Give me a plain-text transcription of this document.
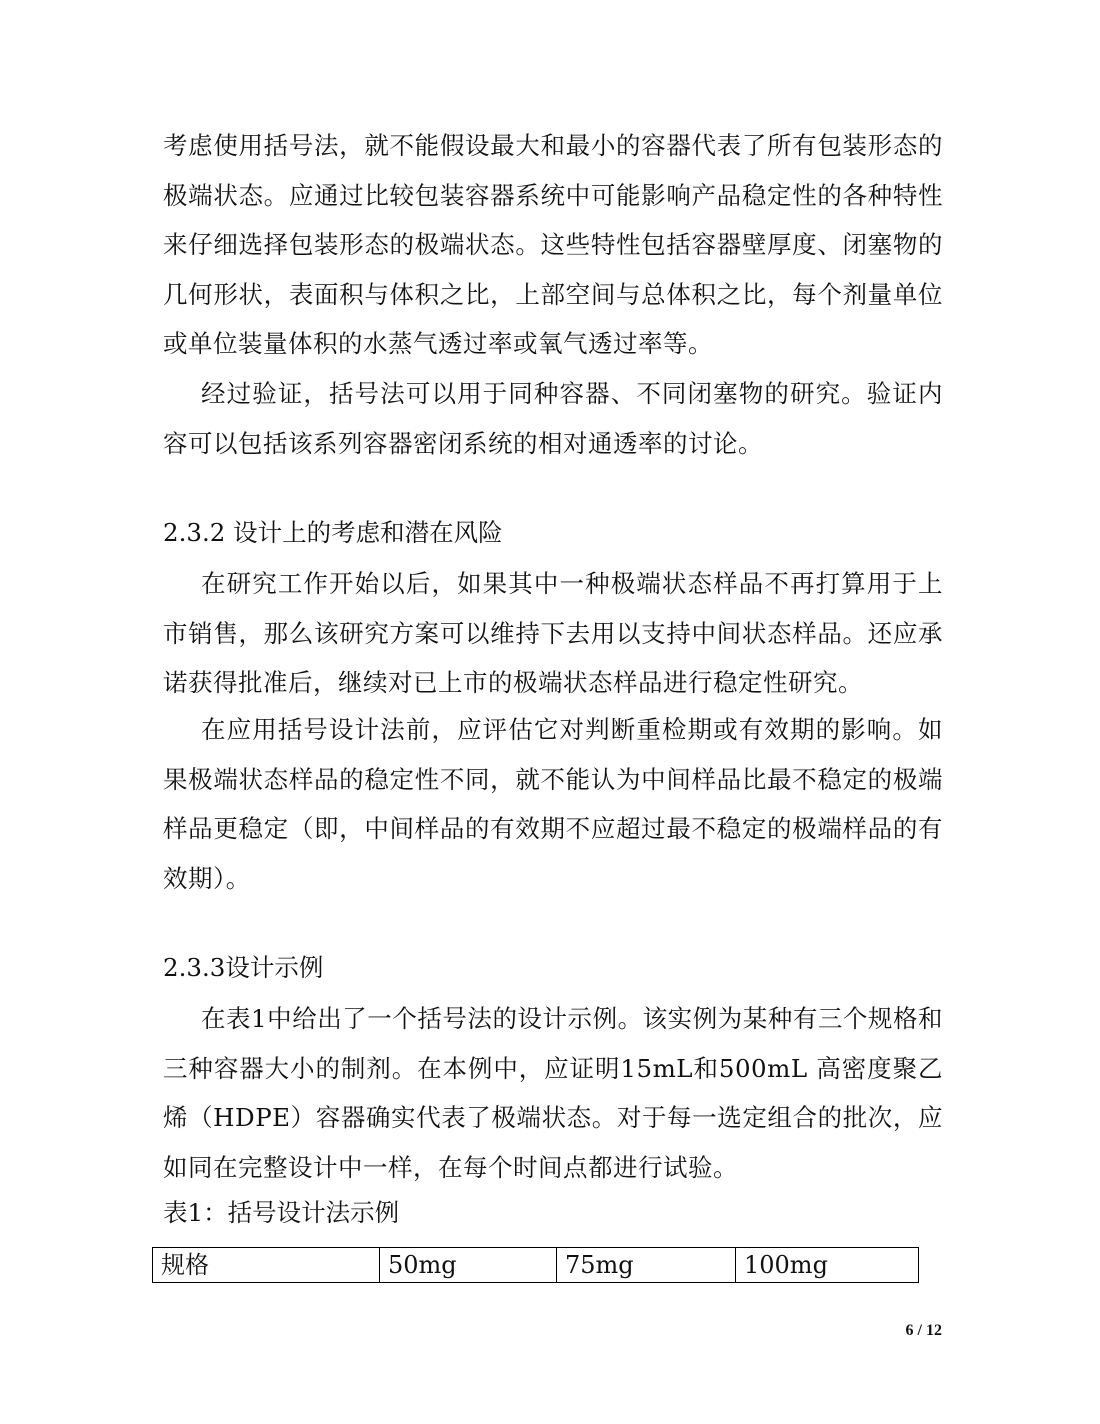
考虑使用括号法，就不能假设最大和最小的容器代表了所有包装形态的极端状态。应通过比较包装容器系统中可能影响产品稳定性的各种特性来仔细选择包装形态的极端状态。这些特性包括容器壁厚度、闭塞物的几何形状，表面积与体积之比，上部空间与总体积之比，每个剂量单位或单位装量体积的水蒸气透过率或氧气透过率等。

经过验证，括号法可以用于同种容器、不同闭塞物的研究。验证内容可以包括该系列容器密闭系统的相对通透率的讨论。

2.3.2 设计上的考虑和潜在风险

在研究工作开始以后，如果其中一种极端状态样品不再打算用于上市销售，那么该研究方案可以维持下去用以支持中间状态样品。还应承诺获得批准后，继续对已上市的极端状态样品进行稳定性研究。

在应用括号设计法前，应评估它对判断重检期或有效期的影响。如果极端状态样品的稳定性不同，就不能认为中间样品比最不稳定的极端样品更稳定（即，中间样品的有效期不应超过最不稳定的极端样品的有效期）。

2.3.3设计示例

在表1中给出了一个括号法的设计示例。该实例为某种有三个规格和三种容器大小的制剂。在本例中，应证明15mL和500mL 高密度聚乙烯（HDPE）容器确实代表了极端状态。对于每一选定组合的批次，应如同在完整设计中一样，在每个时间点都进行试验。

表1：括号设计法示例
规格	50mg	75mg	100mg
6 / 12
